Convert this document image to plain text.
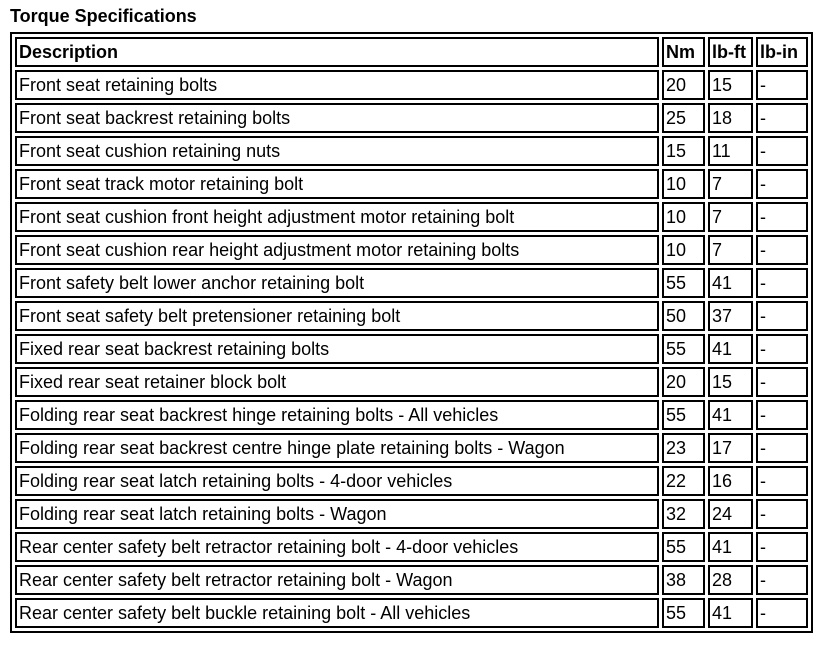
Torque Specifications
Description	Nm	lb-ft	lb-in
Front seat retaining bolts	20	15	-
Front seat backrest retaining bolts	25	18	-
Front seat cushion retaining nuts	15	11	-
Front seat track motor retaining bolt	10	7	-
Front seat cushion front height adjustment motor retaining bolt	10	7	-
Front seat cushion rear height adjustment motor retaining bolts	10	7	-
Front safety belt lower anchor retaining bolt	55	41	-
Front seat safety belt pretensioner retaining bolt	50	37	-
Fixed rear seat backrest retaining bolts	55	41	-
Fixed rear seat retainer block bolt	20	15	-
Folding rear seat backrest hinge retaining bolts - All vehicles	55	41	-
Folding rear seat backrest centre hinge plate retaining bolts - Wagon	23	17	-
Folding rear seat latch retaining bolts - 4-door vehicles	22	16	-
Folding rear seat latch retaining bolts - Wagon	32	24	-
Rear center safety belt retractor retaining bolt - 4-door vehicles	55	41	-
Rear center safety belt retractor retaining bolt - Wagon	38	28	-
Rear center safety belt buckle retaining bolt - All vehicles	55	41	-
